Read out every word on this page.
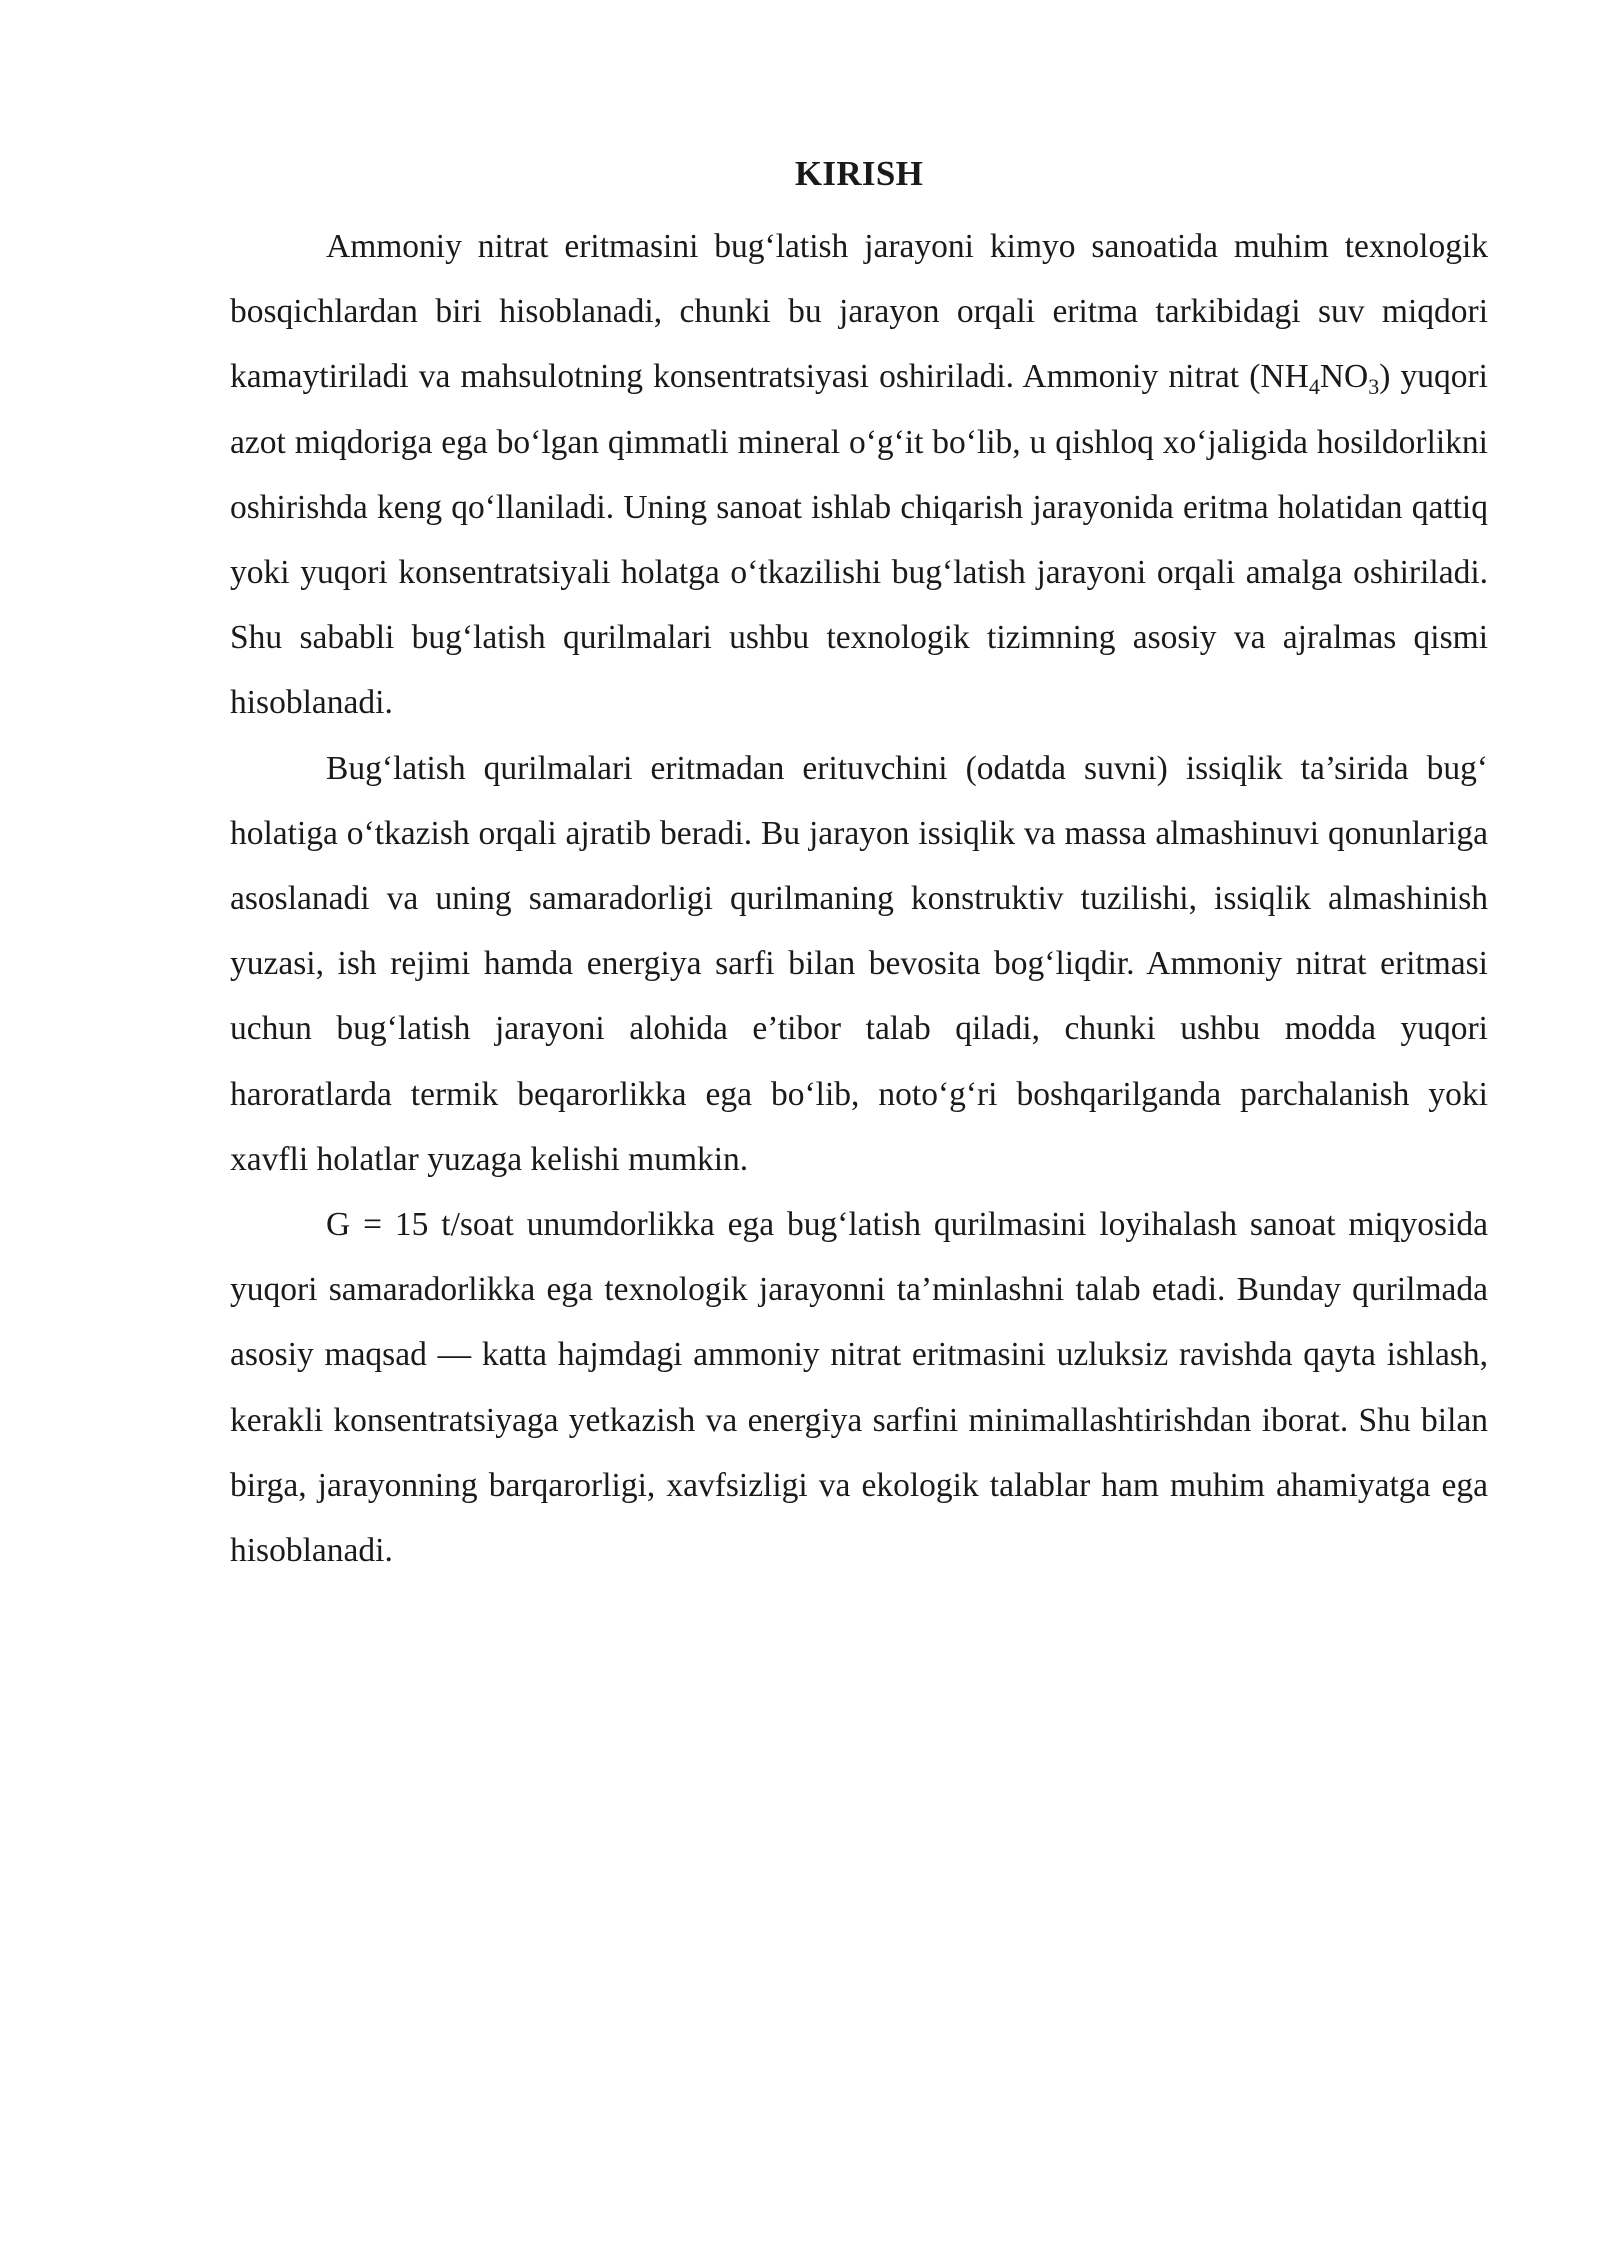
KIRISH

Ammoniy nitrat eritmasini bug‘latish jarayoni kimyo sanoatida muhim texnologik bosqichlardan biri hisoblanadi, chunki bu jarayon orqali eritma tarkibidagi suv miqdori kamaytiriladi va mahsulotning konsentratsiyasi oshiriladi. Ammoniy nitrat $(NH_4NO_3)$ yuqori azot miqdoriga ega bo‘lgan qimmatli mineral o‘g‘it bo‘lib, u qishloq xo‘jaligida hosildorlikni oshirishda keng qo‘llaniladi. Uning sanoat ishlab chiqarish jarayonida eritma holatidan qattiq yoki yuqori konsentratsiyali holatga o‘tkazilishi bug‘latish jarayoni orqali amalga oshiriladi. Shu sababli bug‘latish qurilmalari ushbu texnologik tizimning asosiy va ajralmas qismi hisoblanadi.

Bug‘latish qurilmalari eritmadan erituvchini (odatda suvni) issiqlik ta’sirida bug‘ holatiga o‘tkazish orqali ajratib beradi. Bu jarayon issiqlik va massa almashinuvi qonunlariga asoslanadi va uning samaradorligi qurilmaning konstruktiv tuzilishi, issiqlik almashinish yuzasi, ish rejimi hamda energiya sarfi bilan bevosita bog‘liqdir. Ammoniy nitrat eritmasi uchun bug‘latish jarayoni alohida e’tibor talab qiladi, chunki ushbu modda yuqori haroratlarda termik beqarorlikka ega bo‘lib, noto‘g‘ri boshqarilganda parchalanish yoki xavfli holatlar yuzaga kelishi mumkin.

G = 15 t/soat unumdorlikka ega bug‘latish qurilmasini loyihalash sanoat miqyosida yuqori samaradorlikka ega texnologik jarayonni ta’minlashni talab etadi. Bunday qurilmada asosiy maqsad — katta hajmdagi ammoniy nitrat eritmasini uzluksiz ravishda qayta ishlash, kerakli konsentratsiyaga yetkazish va energiya sarfini minimallashtirishdan iborat. Shu bilan birga, jarayonning barqarorligi, xavfsizligi va ekologik talablar ham muhim ahamiyatga ega hisoblanadi.
